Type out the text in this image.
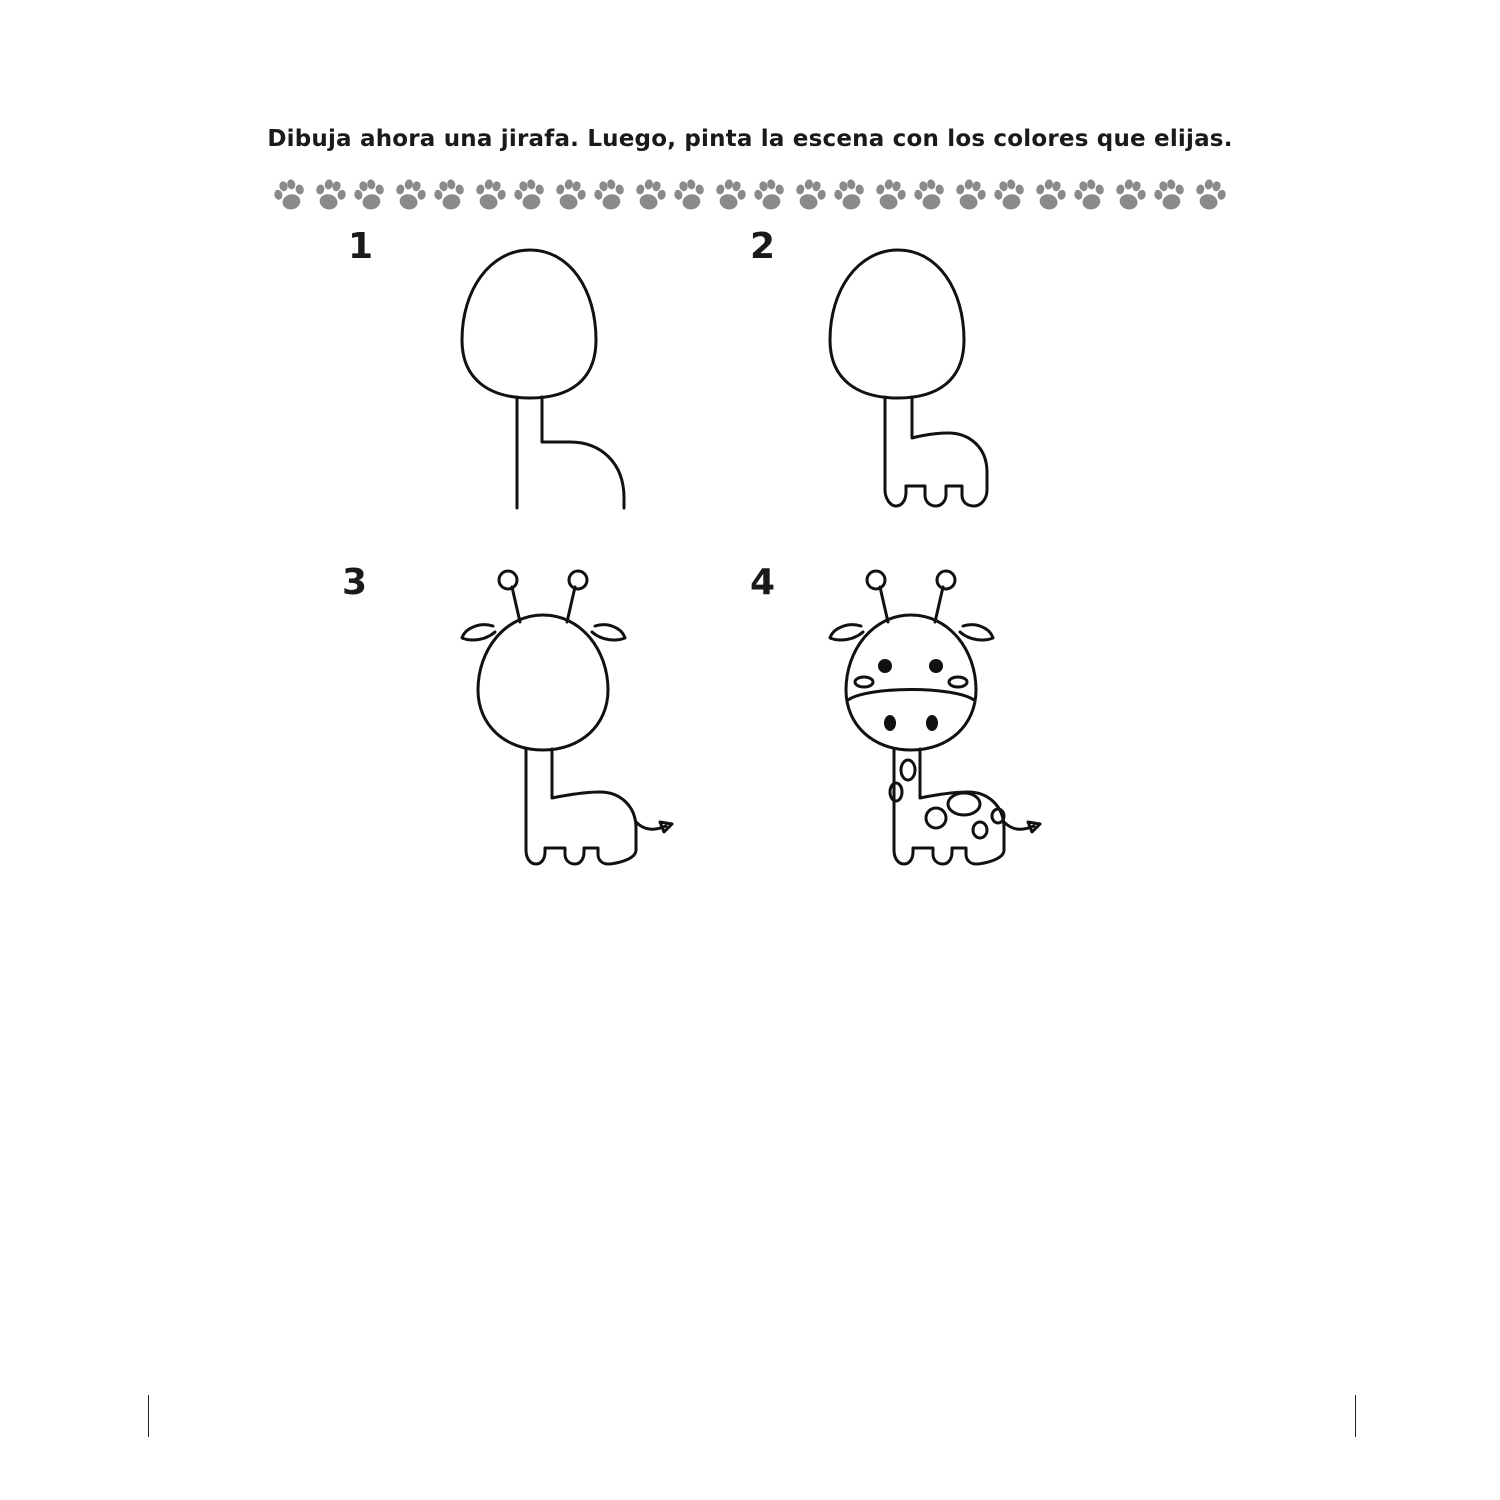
Dibuja ahora una jirafa. Luego, pinta la escena con los colores que elijas.
1	2
3	4
